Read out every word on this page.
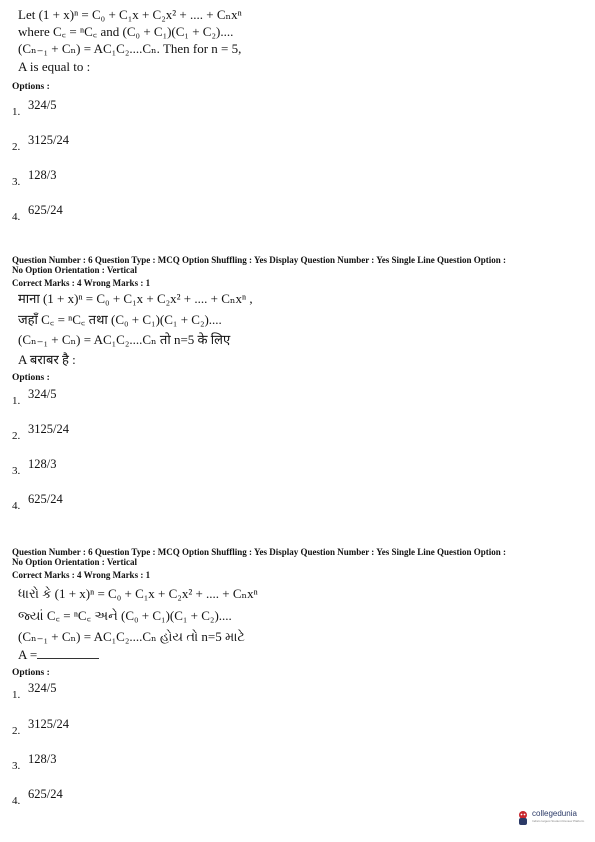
Let (1 + x)ⁿ = C₀ + C₁x + C₂x² + .... + Cₙxⁿ
where C꜀ = ⁿC꜀ and (C₀ + C₁)(C₁ + C₂)....
(Cₙ₋₁ + Cₙ) = AC₁C₂....Cₙ. Then for n = 5,
A is equal to :
Options :
1. 324/5
2. 3125/24
3. 128/3
4. 625/24
Question Number : 6 Question Type : MCQ Option Shuffling : Yes Display Question Number : Yes Single Line Question Option :
No Option Orientation : Vertical
Correct Marks : 4 Wrong Marks : 1
माना (1 + x)ⁿ = C₀ + C₁x + C₂x² + .... + Cₙxⁿ ,
जहाँ C꜀ = ⁿC꜀ तथा (C₀ + C₁)(C₁ + C₂)....
(Cₙ₋₁ + Cₙ) = AC₁C₂....Cₙ तो n=5 के लिए
A बराबर है :
Options :
1. 324/5
2. 3125/24
3. 128/3
4. 625/24
Question Number : 6 Question Type : MCQ Option Shuffling : Yes Display Question Number : Yes Single Line Question Option :
No Option Orientation : Vertical
Correct Marks : 4 Wrong Marks : 1
ધારો કે (1 + x)ⁿ = C₀ + C₁x + C₂x² + .... + Cₙxⁿ
જ્યાં C꜀ = ⁿC꜀ અને (C₀ + C₁)(C₁ + C₂)....
(Cₙ₋₁ + Cₙ) = AC₁C₂....Cₙ હોય તો n=5 માટે
A =
Options :
1. 324/5
2. 3125/24
3. 128/3
4. 625/24
collegedunia
India's largest Student Review Platform
